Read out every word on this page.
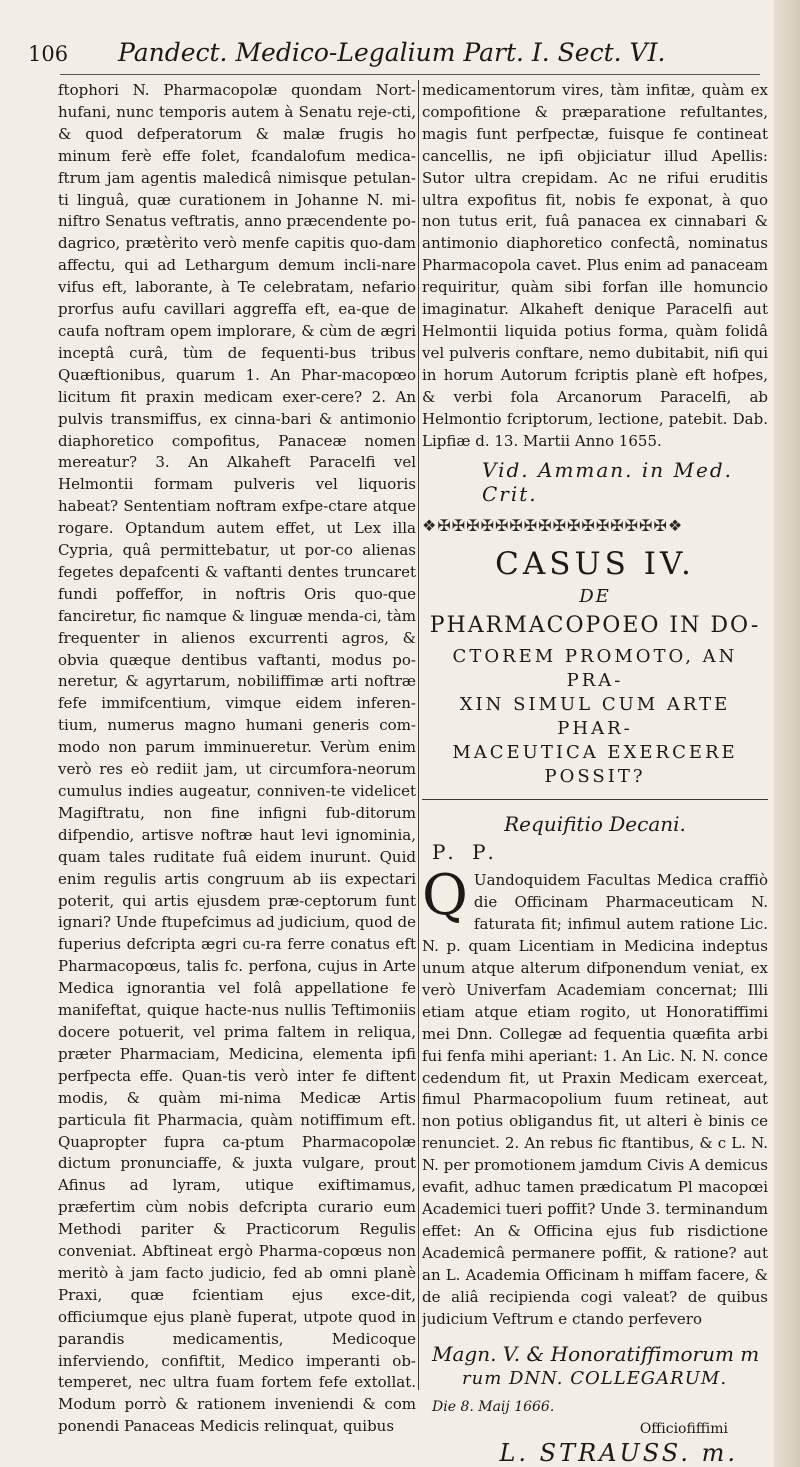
106 Pandect. Medico-Legalium Part. I. Sect. VI.

ftophori N. Pharmacopolæ quondam Nort-hufani, nunc temporis autem à Senatu reje-cti, & quod defperatorum & malæ frugis ho minum ferè effe folet, fcandalofum medica-ftrum jam agentis maledicâ nimisque petulan-ti linguâ, quæ curationem in Johanne N. mi-niftro Senatus veftratis, anno præcendente po-dagrico, prætèrito verò menfe capitis quo-dam affectu, qui ad Lethargum demum incli-nare vifus eft, laborante, à Te celebratam, nefario prorfus aufu cavillari aggreffa eft, ea-que de caufa noftram opem implorare, & cùm de ægri inceptâ curâ, tùm de fequenti-bus tribus Quæftionibus, quarum 1. An Phar-macopœo licitum fit praxin medicam exer-cere? 2. An pulvis transmiffus, ex cinna-bari & antimonio diaphoretico compofitus, Panaceæ nomen mereatur? 3. An Alkaheft Paracelfi vel Helmontii formam pulveris vel liquoris habeat? Sententiam noftram exfpe-ctare atque rogare. Optandum autem effet, ut Lex illa Cypria, quâ permittebatur, ut por-co alienas fegetes depafcenti & vaftanti dentes truncaret fundi poffeffor, in noftris Oris quo-que fanciretur, fic namque & linguæ menda-ci, tàm frequenter in alienos excurrenti agros, & obvia quæque dentibus vaftanti, modus po-neretur, & agyrtarum, nobiliffimæ arti noftræ fefe immifcentium, vimque eidem inferen-tium, numerus magno humani generis com-modo non parum imminueretur. Verùm enim verò res eò rediit jam, ut circumfora-neorum cumulus indies augeatur, conniven-te videlicet Magiftratu, non fine infigni fub-ditorum difpendio, artisve noftræ haut levi ignominia, quam tales ruditate fuâ eidem inurunt. Quid enim regulis artis congruum ab iis expectari poterit, qui artis ejusdem præ-ceptorum funt ignari? Unde ftupefcimus ad judicium, quod de fuperius defcripta ægri cu-ra ferre conatus eft Pharmacopœus, talis fc. perfona, cujus in Arte Medica ignorantia vel folâ appellatione fe manifeftat, quique hacte-nus nullis Teftimoniis docere potuerit, vel prima faltem in reliqua, præter Pharmaciam, Medicina, elementa ipfi perfpecta effe. Quan-tis verò inter fe diftent modis, & quàm mi-nima Medicæ Artis particula fit Pharmacia, quàm notiffimum eft. Quapropter fupra ca-ptum Pharmacopolæ dictum pronunciaffe, & juxta vulgare, prout Afinus ad lyram, utique exiftimamus, præfertim cùm nobis defcripta curario eum Methodi pariter & Practicorum Regulis conveniat. Abftineat ergò Pharma-copœus non meritò à jam facto judicio, fed ab omni planè Praxi, quæ fcientiam ejus exce-dit, officiumque ejus planè fuperat, utpote quod in parandis medicamentis, Medicoque inferviendo, confiftit, Medico imperanti ob-temperet, nec ultra fuam fortem fefe extollat. Modum porrò & rationem inveniendi & com ponendi Panaceas Medicis relinquat, quibus

medicamentorum vires, tàm infitæ, quàm ex compofitione & præparatione refultantes, magis funt perfpectæ, fuisque fe contineat cancellis, ne ipfi objiciatur illud Apellis: Sutor ultra crepidam. Ac ne rifui eruditis ultra expofitus fit, nobis fe exponat, à quo non tutus erit, fuâ panacea ex cinnabari & antimonio diaphoretico confectâ, nominatus Pharmacopola cavet. Plus enim ad panaceam requiritur, quàm sibi forfan ille homuncio imaginatur. Alkaheft denique Paracelfi aut Helmontii liquida potius forma, quàm folidâ vel pulveris conftare, nemo dubitabit, nifi qui in horum Autorum fcriptis planè eft hofpes, & verbi fola Arcanorum Paracelfi, ab Helmontio fcriptorum, lectione, patebit. Dab. Lipfiæ d. 13. Martii Anno 1655.

Vid. Amman. in Med. Crit.
❖✠✠✠✠✠✠✠✠✠✠✠✠✠✠✠✠❖
CASUS IV.
DE
PHARMACOPOEO IN DO-
CTOREM PROMOTO, AN PRA-
XIN SIMUL CUM ARTE PHAR-
MACEUTICA EXERCERE
POSSIT?
Requifitio Decani.
P. P.

Q Uandoquidem Facultas Medica craffiò die Officinam Pharmaceuticam N. faturata fit; infimul autem ratione Lic. N. p. quam Licentiam in Medicina indeptus unum atque alterum difponendum veniat, ex verò Univerfam Academiam concernat; Illi etiam atque etiam rogito, ut Honoratiffimi mei Dnn. Collegæ ad fequentia quæfita arbi fui fenfa mihi aperiant: 1. An Lic. N. N. conce cedendum fit, ut Praxin Medicam exerceat, fimul Pharmacopolium fuum retineat, aut non potius obligandus fit, ut alteri è binis ce renunciet. 2. An rebus fic ftantibus, & c L. N. N. per promotionem jamdum Civis A demicus evafit, adhuc tamen prædicatum Pl macopœi Academici tueri poffit? Unde 3. terminandum effet: An & Officina ejus fub risdictione Academicâ permanere poffit, & ratione? aut an L. Academia Officinam h miffam facere, & de aliâ recipienda cogi valeat? de quibus judicium Veftrum e ctando perfevero

Magn. V. & Honoratiffimorum m
rum DNN. COLLEGARUM.
Die 8. Maij 1666.
Officiofiffimi
L. STRAUSS. m.
